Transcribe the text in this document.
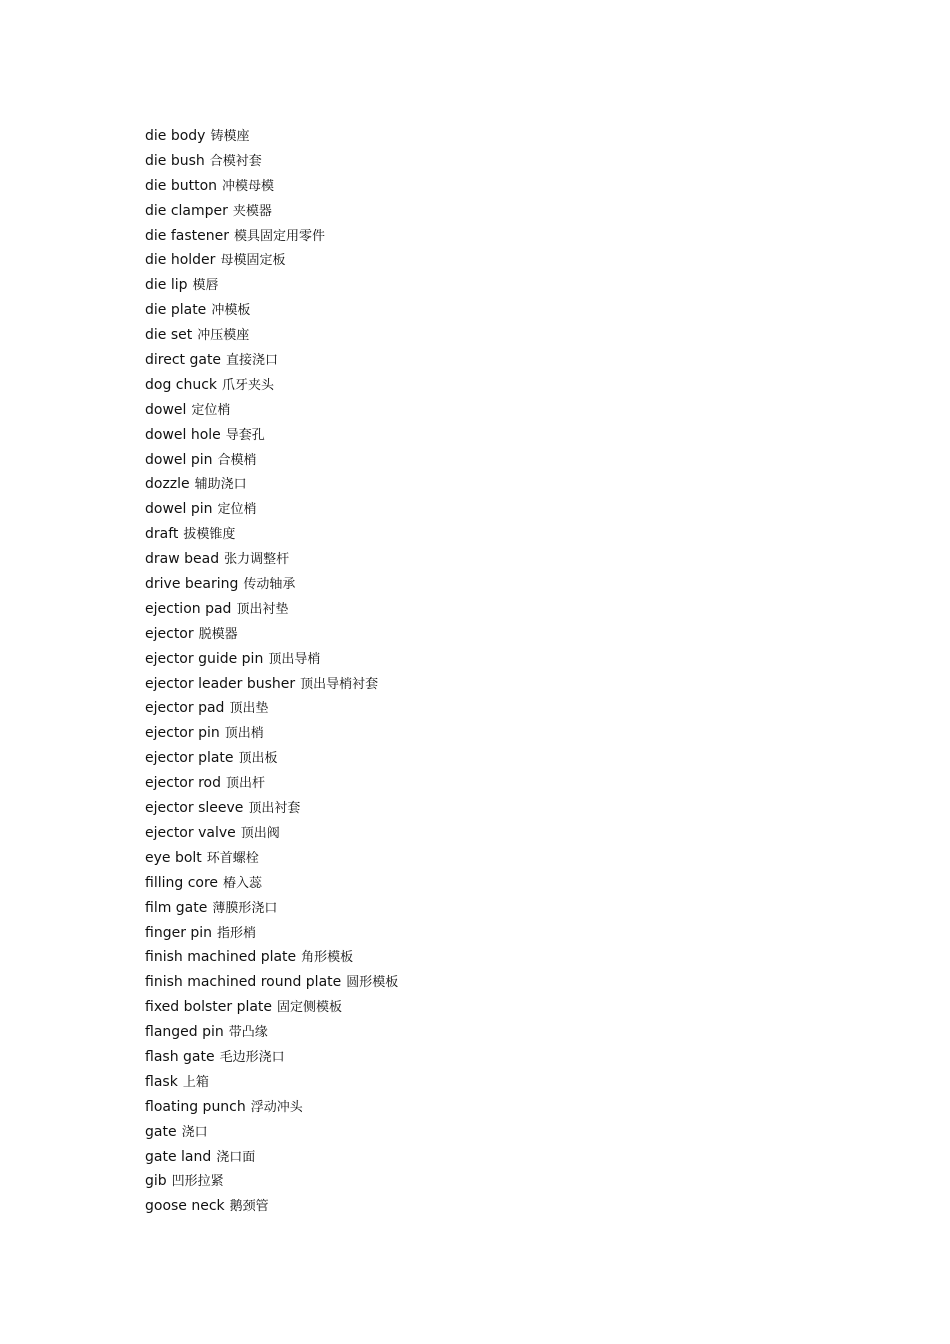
die body 铸模座
die bush 合模衬套
die button 冲模母模
die clamper 夹模器
die fastener 模具固定用零件
die holder 母模固定板
die lip 模唇
die plate 冲模板
die set 冲压模座
direct gate 直接浇口
dog chuck 爪牙夹头
dowel 定位梢
dowel hole 导套孔
dowel pin 合模梢
dozzle 辅助浇口
dowel pin 定位梢
draft 拔模锥度
draw bead 张力调整杆
drive bearing 传动轴承
ejection pad 顶出衬垫
ejector 脱模器
ejector guide pin 顶出导梢
ejector leader busher 顶出导梢衬套
ejector pad 顶出垫
ejector pin 顶出梢
ejector plate 顶出板
ejector rod 顶出杆
ejector sleeve 顶出衬套
ejector valve 顶出阀
eye bolt 环首螺栓
filling core 椿入蕊
film gate 薄膜形浇口
finger pin 指形梢
finish machined plate 角形模板
finish machined round plate 圆形模板
fixed bolster plate 固定侧模板
flanged pin 带凸缘
flash gate 毛边形浇口
flask 上箱
floating punch 浮动冲头
gate 浇口
gate land 浇口面
gib 凹形拉紧
goose neck 鹅颈管
